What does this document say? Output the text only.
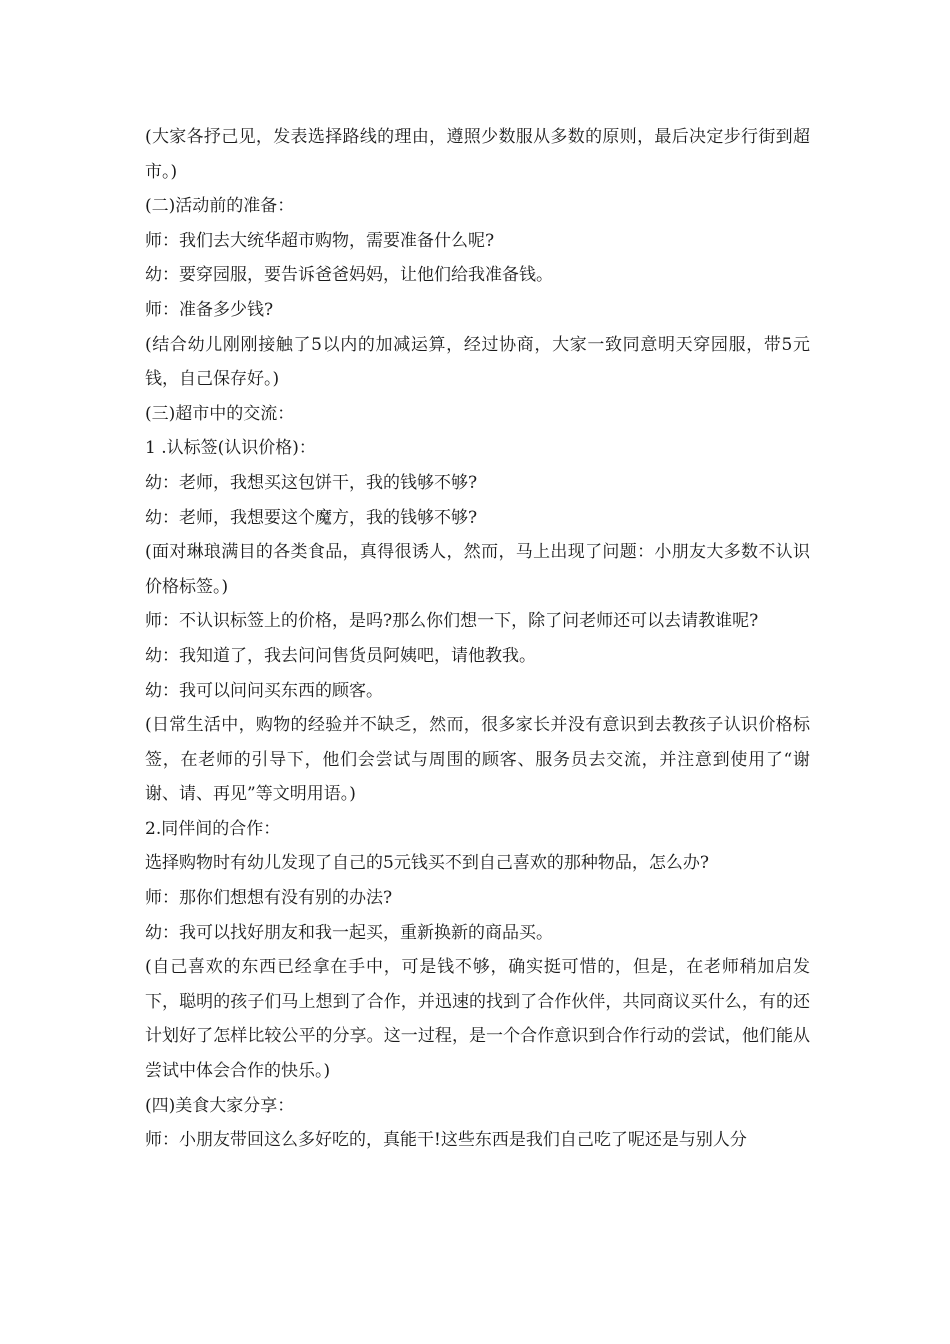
(大家各抒己见，发表选择路线的理由，遵照少数服从多数的原则，最后决定步行街到超市。)

(二)活动前的准备：

师：我们去大统华超市购物，需要准备什么呢?

幼：要穿园服，要告诉爸爸妈妈，让他们给我准备钱。

师：准备多少钱?

(结合幼儿刚刚接触了5以内的加减运算，经过协商，大家一致同意明天穿园服，带5元钱，自己保存好。)

(三)超市中的交流：

1 .认标签(认识价格)：

幼：老师，我想买这包饼干，我的钱够不够?

幼：老师，我想要这个魔方，我的钱够不够?

(面对琳琅满目的各类食品，真得很诱人，然而，马上出现了问题：小朋友大多数不认识价格标签。)

师：不认识标签上的价格，是吗?那么你们想一下，除了问老师还可以去请教谁呢?

幼：我知道了，我去问问售货员阿姨吧，请他教我。

幼：我可以问问买东西的顾客。

(日常生活中，购物的经验并不缺乏，然而，很多家长并没有意识到去教孩子认识价格标签，在老师的引导下，他们会尝试与周围的顾客、服务员去交流，并注意到使用了“谢谢、请、再见”等文明用语。)

2.同伴间的合作：

选择购物时有幼儿发现了自己的5元钱买不到自己喜欢的那种物品，怎么办?

师：那你们想想有没有别的办法?

幼：我可以找好朋友和我一起买，重新换新的商品买。

(自己喜欢的东西已经拿在手中，可是钱不够，确实挺可惜的，但是，在老师稍加启发下，聪明的孩子们马上想到了合作，并迅速的找到了合作伙伴，共同商议买什么，有的还计划好了怎样比较公平的分享。这一过程，是一个合作意识到合作行动的尝试，他们能从尝试中体会合作的快乐。)

(四)美食大家分享：

师：小朋友带回这么多好吃的，真能干!这些东西是我们自己吃了呢还是与别人分
